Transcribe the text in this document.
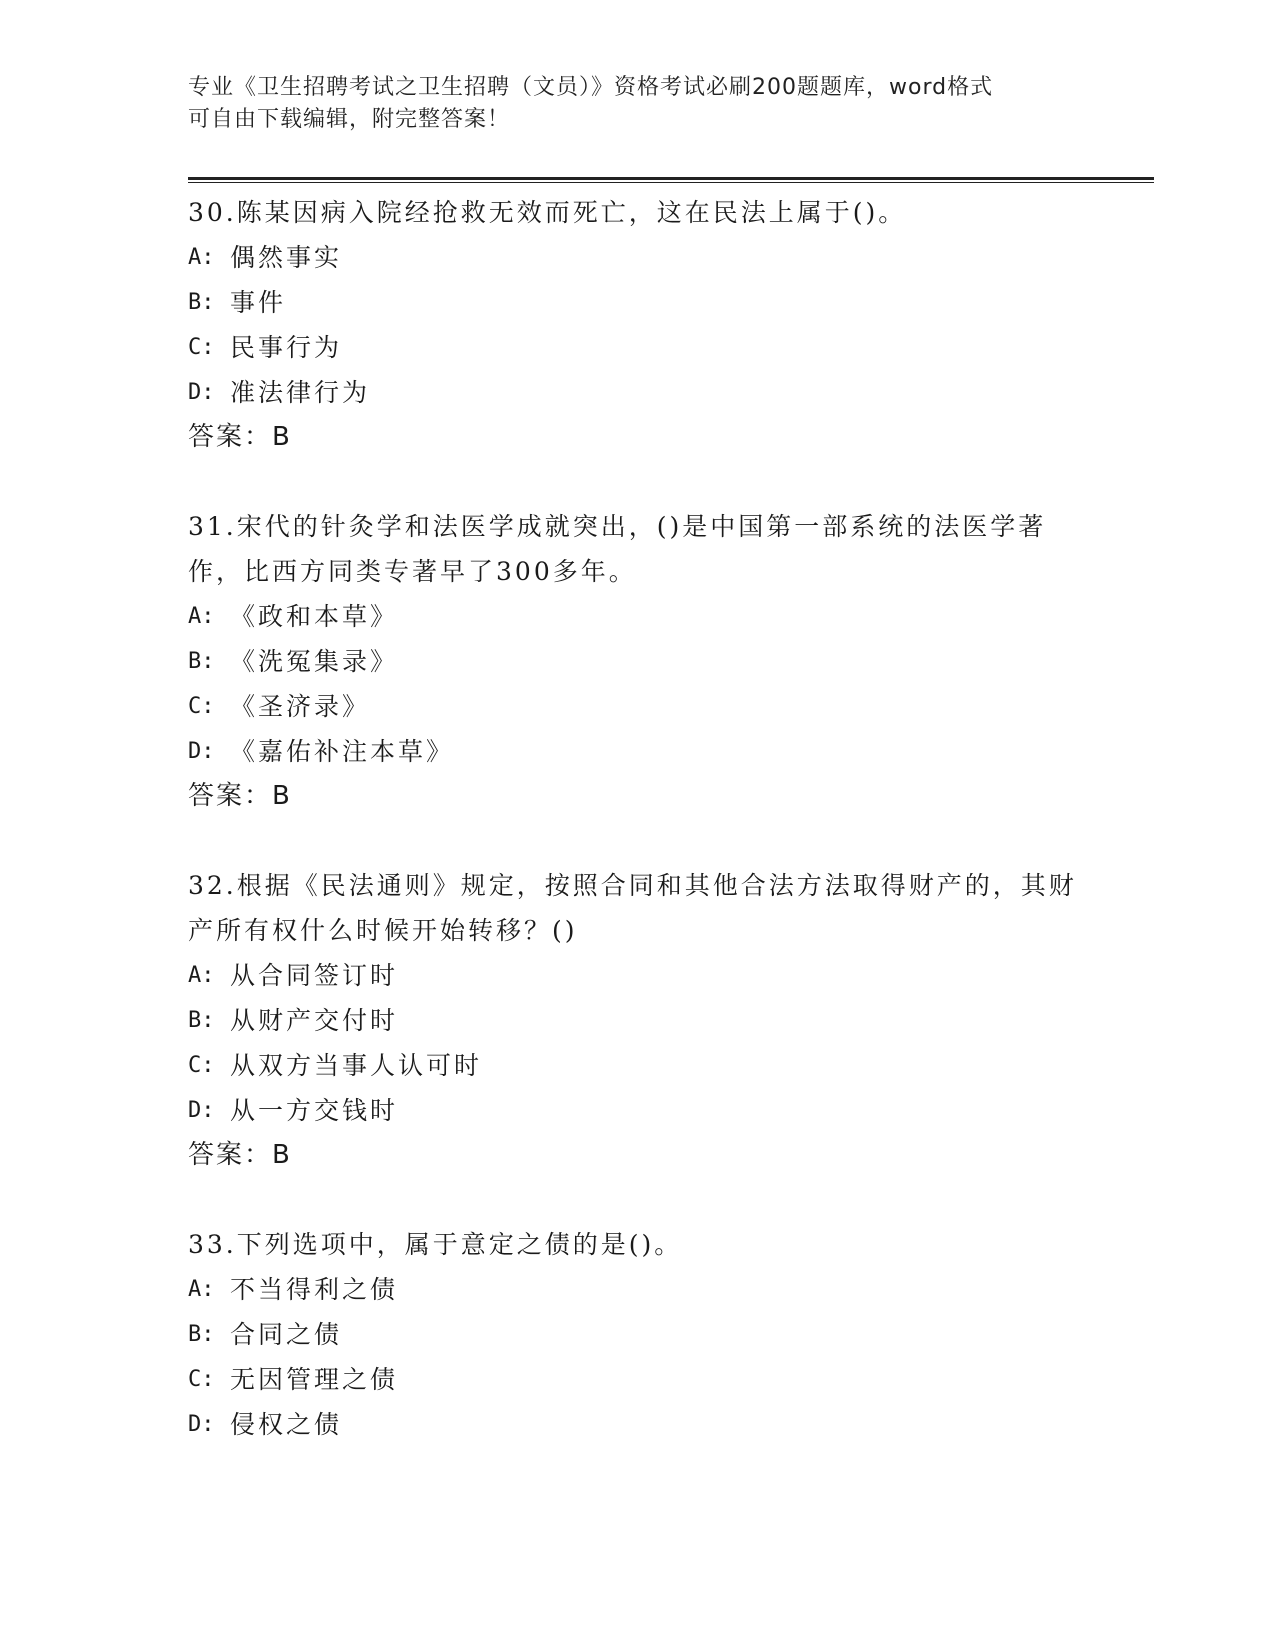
专业《卫生招聘考试之卫生招聘（文员）》资格考试必刷200题题库，word格式
可自由下载编辑，附完整答案！

30.陈某因病入院经抢救无效而死亡，这在民法上属于()。

A: 偶然事实
B: 事件
C: 民事行为
D: 准法律行为

答案：B

31.宋代的针灸学和法医学成就突出，()是中国第一部系统的法医学著作，比西方同类专著早了300多年。

A: 《政和本草》
B: 《洗冤集录》
C: 《圣济录》
D: 《嘉佑补注本草》

答案：B

32.根据《民法通则》规定，按照合同和其他合法方法取得财产的，其财产所有权什么时候开始转移？()

A: 从合同签订时
B: 从财产交付时
C: 从双方当事人认可时
D: 从一方交钱时

答案：B

33.下列选项中，属于意定之债的是()。

A: 不当得利之债
B: 合同之债
C: 无因管理之债
D: 侵权之债
